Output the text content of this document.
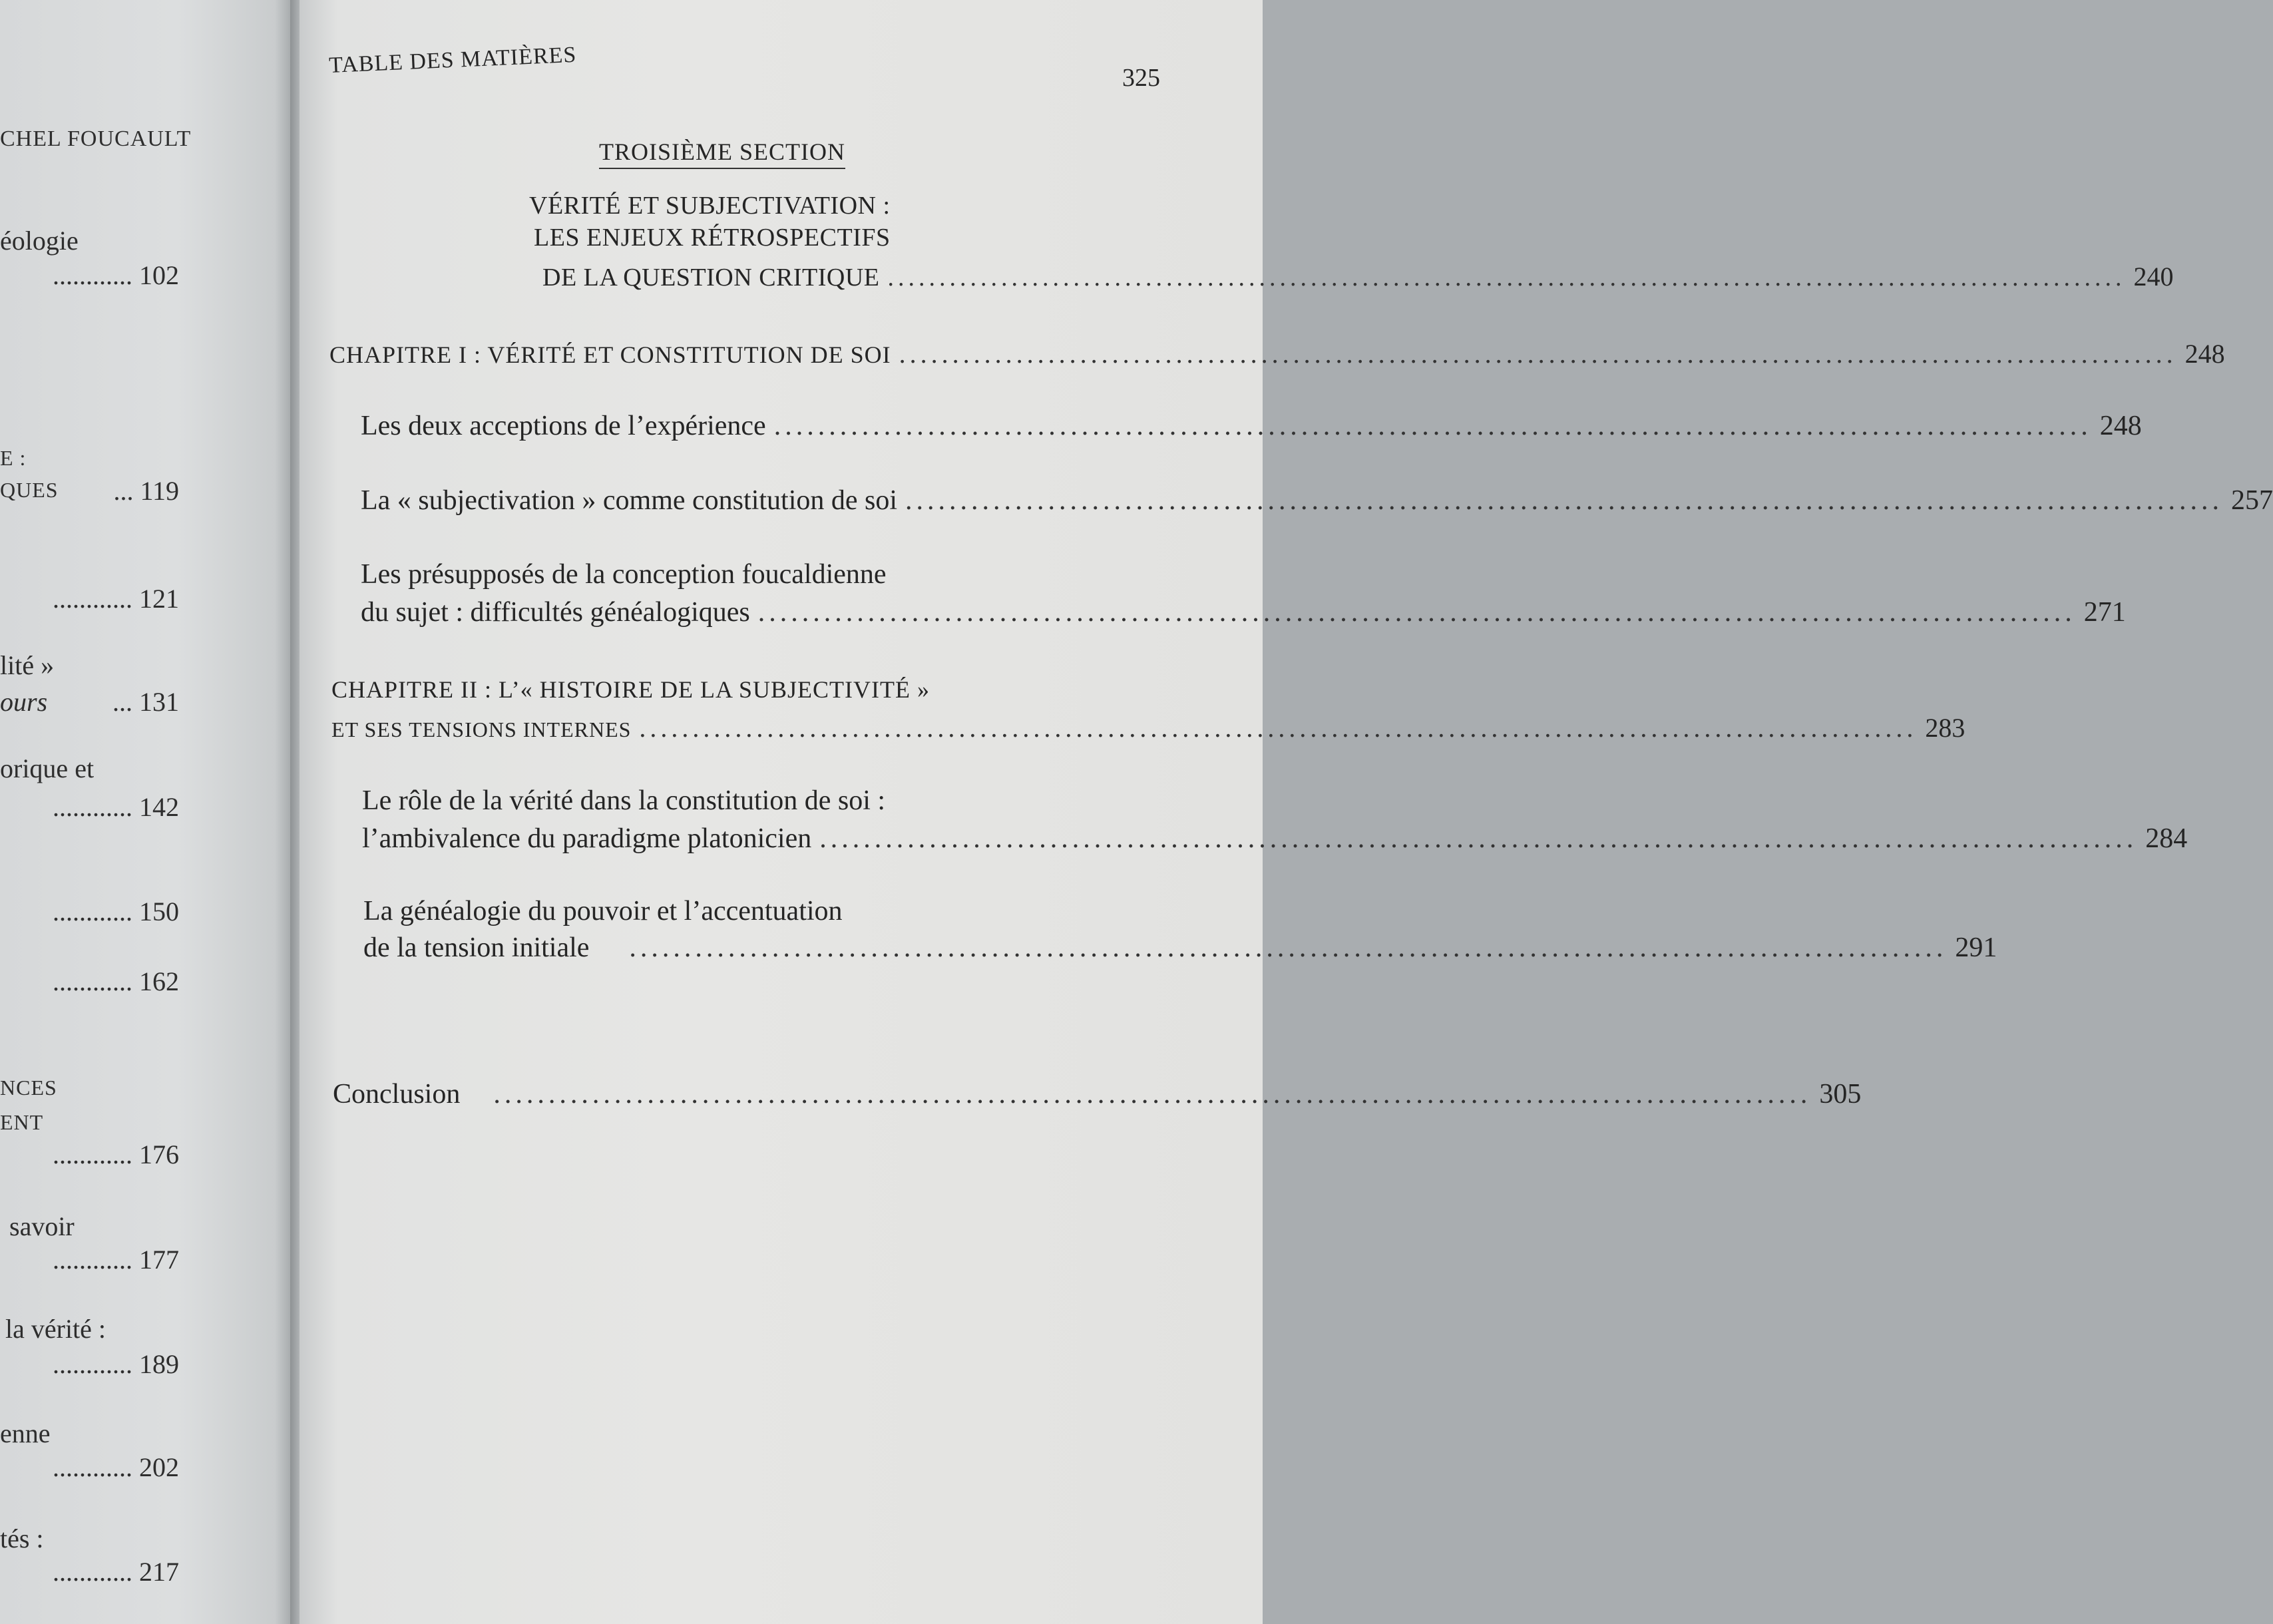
CHEL FOUCAULT
éologie
............ 102
E :
QUES ... 119
............ 121
lité »
ours ... 131
orique et
............ 142
............ 150
............ 162
NCES
ENT
............ 176
savoir
............ 177
la vérité :
............ 189
enne
............ 202
tés :
............ 217
TABLE DES MATIÈRES
325
TROISIÈME SECTION
VÉRITÉ ET SUBJECTIVATION :
LES ENJEUX RÉTROSPECTIFS
DE LA QUESTION CRITIQUE ........................................................................................................................ 240
CHAPITRE I : VÉRITÉ ET CONSTITUTION DE SOI ........................................................................................................................ 248
Les deux acceptions de l’expérience ........................................................................................................................ 248
La « subjectivation » comme constitution de soi ........................................................................................................................ 257
Les présupposés de la conception foucaldienne
du sujet : difficultés généalogiques ........................................................................................................................ 271
CHAPITRE II : L’« HISTOIRE DE LA SUBJECTIVITÉ »
ET SES TENSIONS INTERNES ........................................................................................................................ 283
Le rôle de la vérité dans la constitution de soi :
l’ambivalence du paradigme platonicien ........................................................................................................................ 284
La généalogie du pouvoir et l’accentuation
de la tension initiale ........................................................................................................................ 291
Conclusion ........................................................................................................................ 305
